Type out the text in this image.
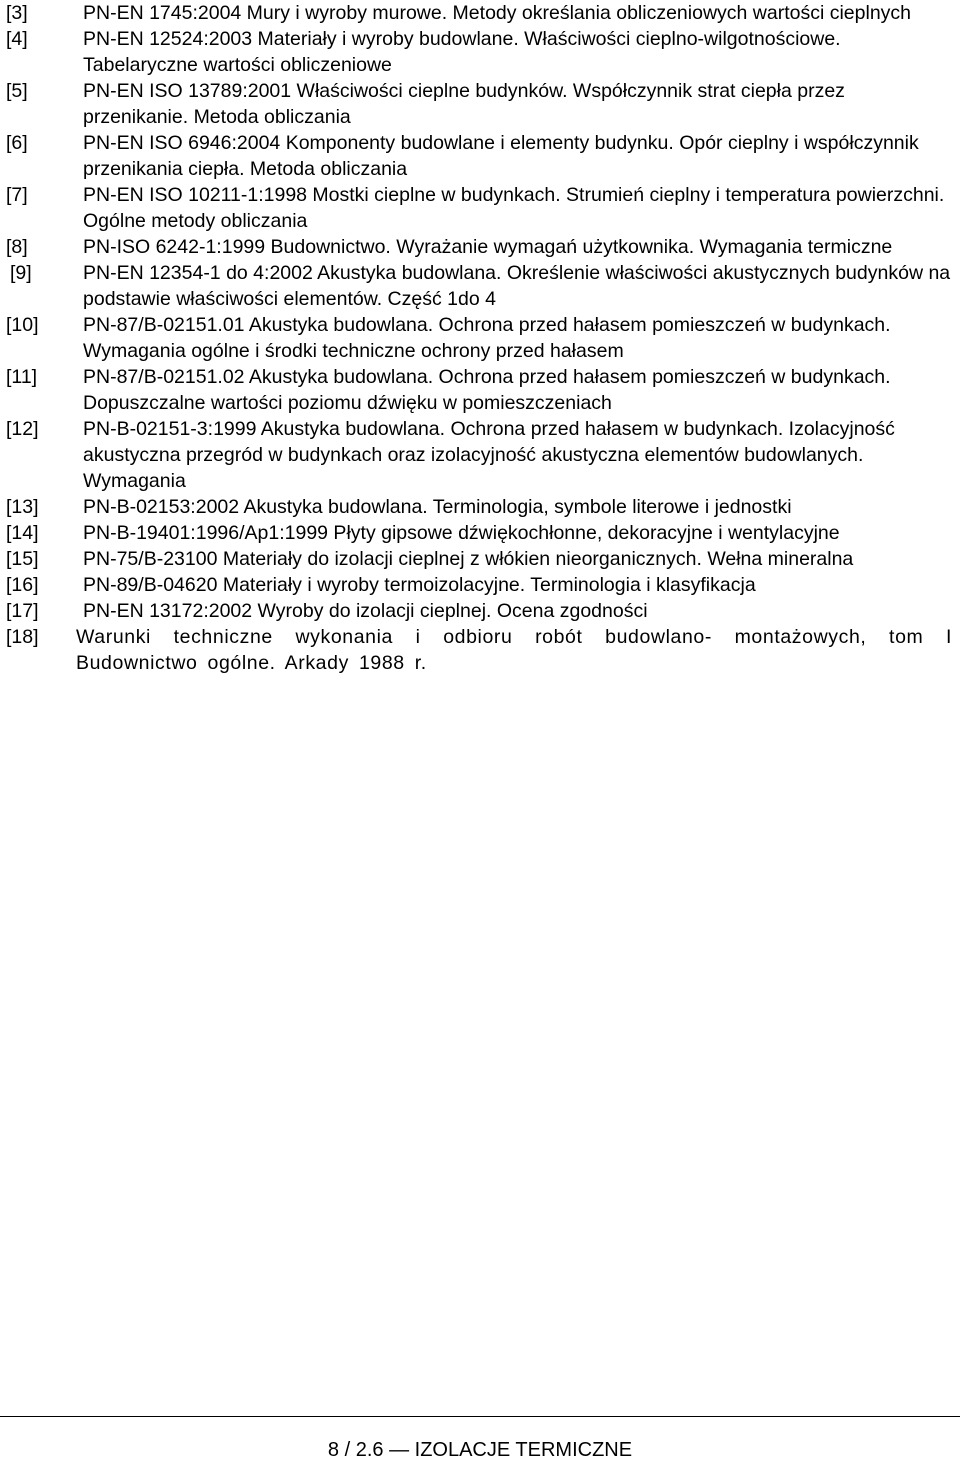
[3]	PN-EN 1745:2004 Mury i wyroby murowe. Metody określania obliczeniowych wartości cieplnych
[4]	PN-EN 12524:2003 Materiały i wyroby budowlane. Właściwości cieplno-wilgotnościowe. Tabelaryczne wartości obliczeniowe
[5]	PN-EN ISO 13789:2001 Właściwości cieplne budynków. Współczynnik strat ciepła przez przenikanie. Metoda obliczania
[6]	PN-EN ISO 6946:2004 Komponenty budowlane i elementy budynku. Opór cieplny i współczynnik przenikania ciepła. Metoda obliczania
[7]	PN-EN ISO 10211-1:1998 Mostki cieplne w budynkach. Strumień cieplny i temperatura powierzchni. Ogólne metody obliczania
[8]	PN-ISO 6242-1:1999 Budownictwo. Wyrażanie wymagań użytkownika. Wymagania termiczne
[9]	PN-EN 12354-1 do 4:2002 Akustyka budowlana. Określenie właściwości akustycznych budynków na podstawie właściwości elementów. Część 1do 4
[10] PN-87/B-02151.01 Akustyka budowlana. Ochrona przed hałasem pomieszczeń w budynkach. Wymagania ogólne i środki techniczne ochrony przed hałasem
[11] PN-87/B-02151.02 Akustyka budowlana. Ochrona przed hałasem pomieszczeń w budynkach. Dopuszczalne wartości poziomu dźwięku w pomieszczeniach
[12] PN-B-02151-3:1999 Akustyka budowlana. Ochrona przed hałasem w budynkach. Izolacyjność akustyczna przegród w budynkach oraz izolacyjność akustyczna elementów budowlanych. Wymagania
[13] PN-B-02153:2002 Akustyka budowlana. Terminologia, symbole literowe i jednostki
[14] PN-B-19401:1996/Ap1:1999 Płyty gipsowe dźwiękochłonne, dekoracyjne i wentylacyjne
[15] PN-75/B-23100 Materiały do izolacji cieplnej z włókien nieorganicznych. Wełna mineralna
[16] PN-89/B-04620 Materiały i wyroby termoizolacyjne. Terminologia i klasyfikacja
[17] PN-EN 13172:2002 Wyroby do izolacji cieplnej. Ocena zgodności
[18] Warunki techniczne wykonania i odbioru robót budowlano- montażowych, tom I Budownictwo ogólne. Arkady 1988 r.
8 / 2.6 — IZOLACJE TERMICZNE
